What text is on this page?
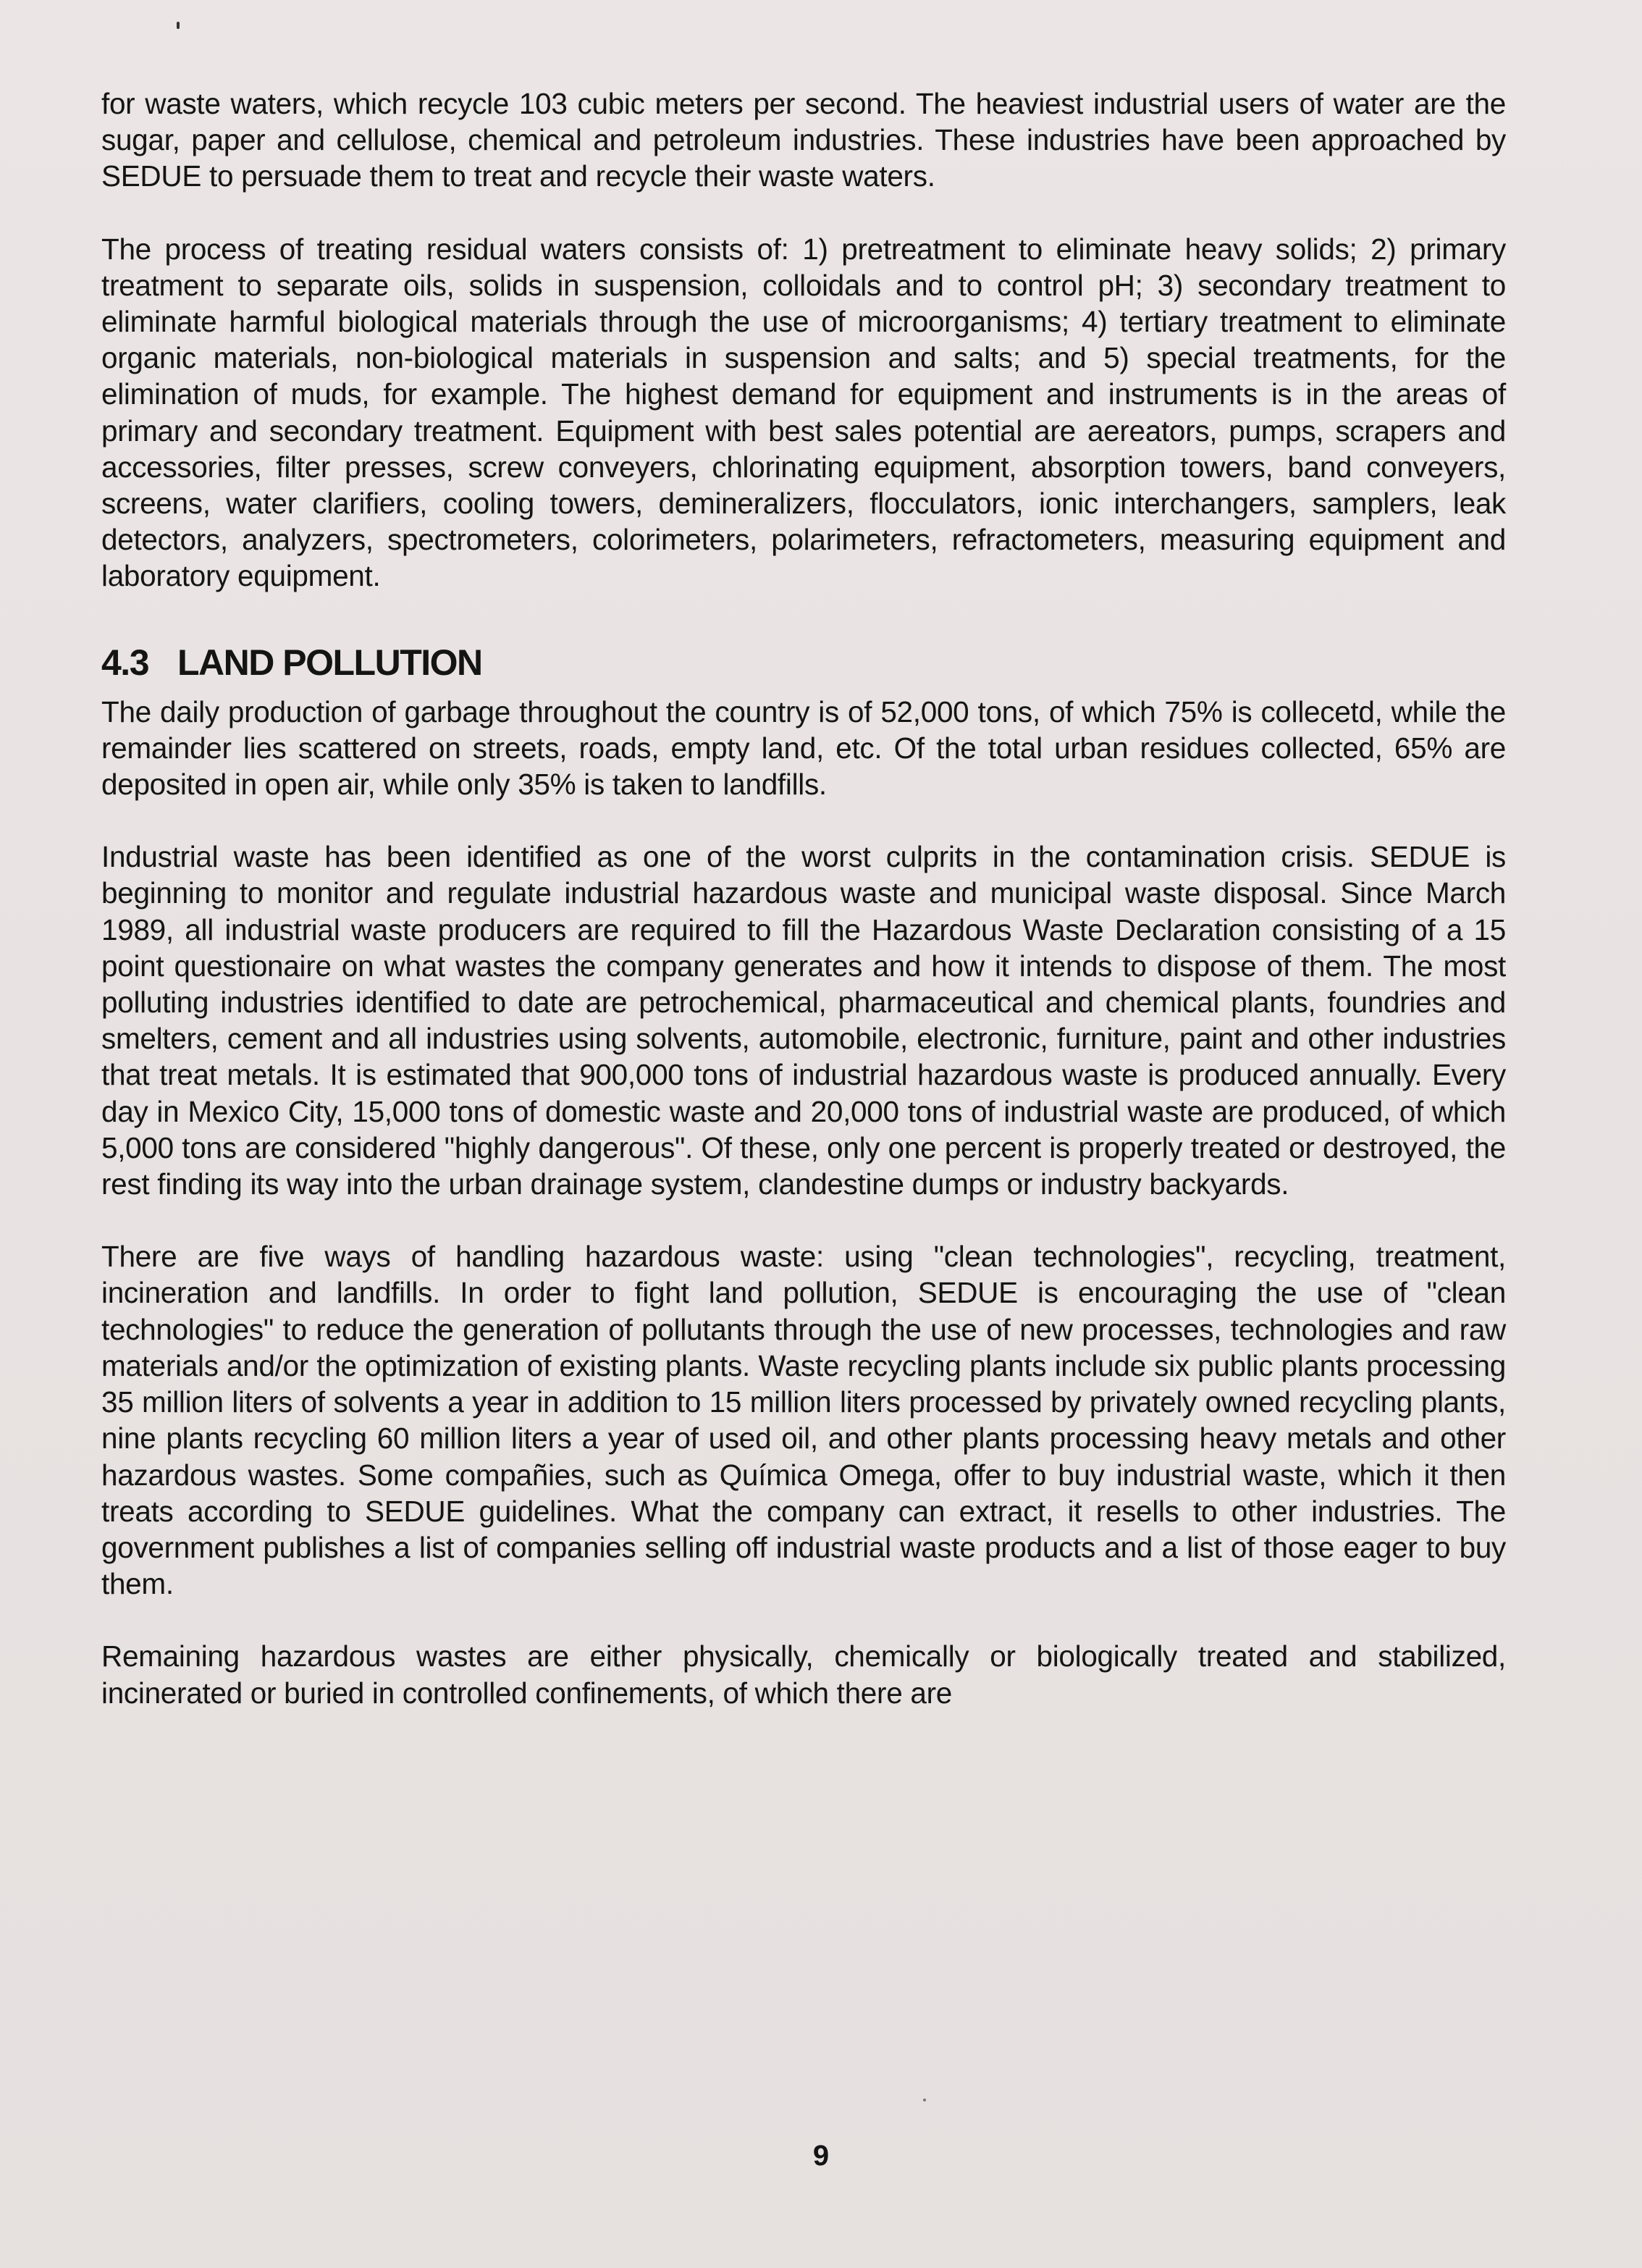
for waste waters, which recycle 103 cubic meters per second. The heaviest industrial users of water are the sugar, paper and cellulose, chemical and petroleum industries. These industries have been approached by SEDUE to persuade them to treat and recycle their waste waters.

The process of treating residual waters consists of: 1) pretreatment to eliminate heavy solids; 2) primary treatment to separate oils, solids in suspension, colloidals and to control pH; 3) secondary treatment to eliminate harmful biological materials through the use of microorganisms; 4) tertiary treatment to eliminate organic materials, non-biological materials in suspension and salts; and 5) special treatments, for the elimination of muds, for example. The highest demand for equipment and instruments is in the areas of primary and secondary treatment. Equipment with best sales potential are aereators, pumps, scrapers and accessories, filter presses, screw conveyers, chlorinating equipment, absorption towers, band conveyers, screens, water clarifiers, cooling towers, demineralizers, flocculators, ionic interchangers, samplers, leak detectors, analyzers, spectrometers, colorimeters, polarimeters, refractometers, measuring equipment and laboratory equipment.

4.3 LAND POLLUTION

The daily production of garbage throughout the country is of 52,000 tons, of which 75% is collecetd, while the remainder lies scattered on streets, roads, empty land, etc. Of the total urban residues collected, 65% are deposited in open air, while only 35% is taken to landfills.

Industrial waste has been identified as one of the worst culprits in the contamination crisis. SEDUE is beginning to monitor and regulate industrial hazardous waste and municipal waste disposal. Since March 1989, all industrial waste producers are required to fill the Hazardous Waste Declaration consisting of a 15 point questionaire on what wastes the company generates and how it intends to dispose of them. The most polluting industries identified to date are petrochemical, pharmaceutical and chemical plants, foundries and smelters, cement and all industries using solvents, automobile, electronic, furniture, paint and other industries that treat metals. It is estimated that 900,000 tons of industrial hazardous waste is produced annually. Every day in Mexico City, 15,000 tons of domestic waste and 20,000 tons of industrial waste are produced, of which 5,000 tons are considered "highly dangerous". Of these, only one percent is properly treated or destroyed, the rest finding its way into the urban drainage system, clandestine dumps or industry backyards.

There are five ways of handling hazardous waste: using "clean technologies", recycling, treatment, incineration and landfills. In order to fight land pollution, SEDUE is encouraging the use of "clean technologies" to reduce the generation of pollutants through the use of new processes, technologies and raw materials and/or the optimization of existing plants. Waste recycling plants include six public plants processing 35 million liters of solvents a year in addition to 15 million liters processed by privately owned recycling plants, nine plants recycling 60 million liters a year of used oil, and other plants processing heavy metals and other hazardous wastes. Some compañies, such as Química Omega, offer to buy industrial waste, which it then treats according to SEDUE guidelines. What the company can extract, it resells to other industries. The government publishes a list of companies selling off industrial waste products and a list of those eager to buy them.

Remaining hazardous wastes are either physically, chemically or biologically treated and stabilized, incinerated or buried in controlled confinements, of which there are

9
